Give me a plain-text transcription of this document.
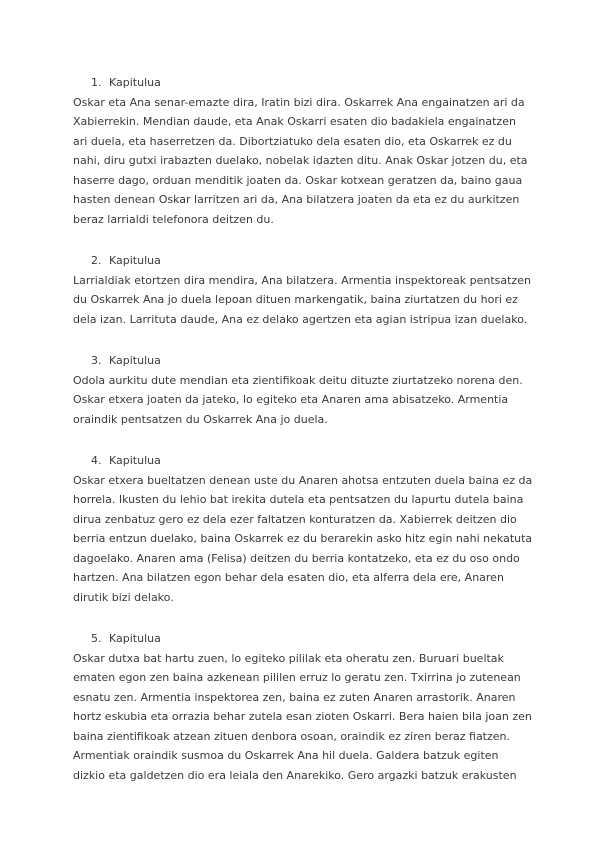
1. Kapitulua

Oskar eta Ana senar-emazte dira, Iratin bizi dira. Oskarrek Ana engainatzen ari da Xabierrekin. Mendian daude, eta Anak Oskarri esaten dio badakiela engainatzen ari duela, eta haserretzen da. Dibortziatuko dela esaten dio, eta Oskarrek ez du nahi, diru gutxi irabazten duelako, nobelak idazten ditu. Anak Oskar jotzen du, eta haserre dago, orduan menditik joaten da. Oskar kotxean geratzen da, baino gaua hasten denean Oskar larritzen ari da, Ana bilatzera joaten da eta ez du aurkitzen beraz larrialdi telefonora deitzen du.

2. Kapitulua

Larrialdiak etortzen dira mendira, Ana bilatzera. Armentia inspektoreak pentsatzen du Oskarrek Ana jo duela lepoan dituen markengatik, baina ziurtatzen du hori ez dela izan. Larrituta daude, Ana ez delako agertzen eta agian istripua izan duelako.

3. Kapitulua

Odola aurkitu dute mendian eta zientifikoak deitu dituzte ziurtatzeko norena den. Oskar etxera joaten da jateko, lo egiteko eta Anaren ama abisatzeko. Armentia oraindik pentsatzen du Oskarrek Ana jo duela.

4. Kapitulua

Oskar etxera bueltatzen denean uste du Anaren ahotsa entzuten duela baina ez da horrela. Ikusten du lehio bat irekita dutela eta pentsatzen du lapurtu dutela baina dirua zenbatuz gero ez dela ezer faltatzen konturatzen da. Xabierrek deitzen dio berria entzun duelako, baina Oskarrek ez du berarekin asko hitz egin nahi nekatuta dagoelako. Anaren ama (Felisa) deitzen du berria kontatzeko, eta ez du oso ondo hartzen. Ana bilatzen egon behar dela esaten dio, eta alferra dela ere, Anaren dirutik bizi delako.

5. Kapitulua

Oskar dutxa bat hartu zuen, lo egiteko pililak eta oheratu zen. Buruari bueltak ematen egon zen baina azkenean pililen erruz lo geratu zen. Txirrina jo zutenean esnatu zen. Armentia inspektorea zen, baina ez zuten Anaren arrastorik. Anaren hortz eskubia eta orrazia behar zutela esan zioten Oskarri. Bera haien bila joan zen baina zientifikoak atzean zituen denbora osoan, oraindik ez ziren beraz fiatzen. Armentiak oraindik susmoa du Oskarrek Ana hil duela. Galdera batzuk egiten dizkio eta galdetzen dio era leiala den Anarekiko. Gero argazki batzuk erakusten
